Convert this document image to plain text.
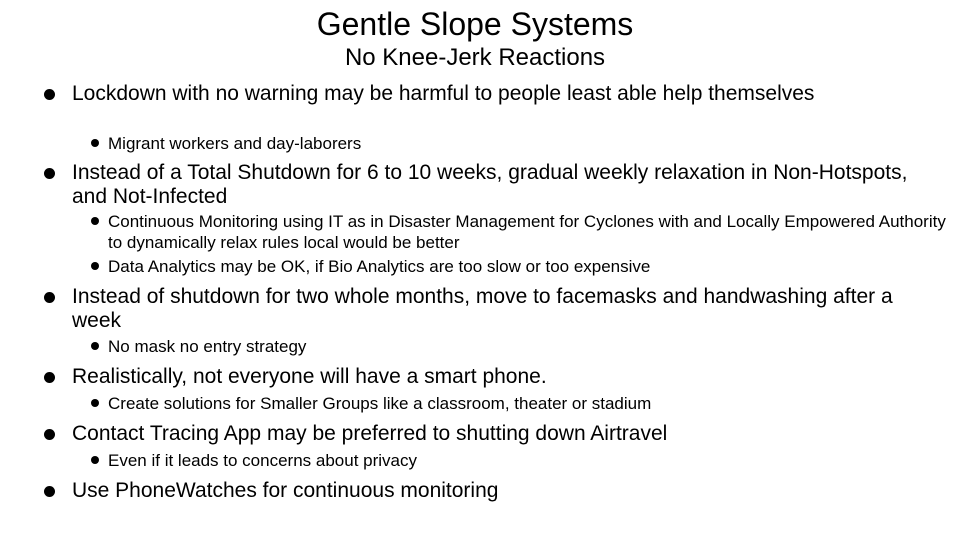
Gentle Slope Systems
No Knee-Jerk Reactions
Lockdown with no warning may be harmful to people least able help themselves
Migrant workers and day-laborers
Instead of a Total Shutdown for 6 to 10 weeks, gradual weekly relaxation in Non-Hotspots, and Not-Infected
Continuous Monitoring using IT as in Disaster Management for Cyclones with and Locally Empowered Authority to dynamically relax rules local would be better
Data Analytics may be OK, if Bio Analytics are too slow or too expensive
Instead of shutdown for two whole months, move to facemasks and handwashing after a week
No mask no entry strategy
Realistically, not everyone will have a smart phone.
Create solutions for Smaller Groups like a classroom, theater or stadium
Contact Tracing App may be preferred to shutting down Airtravel
Even if it leads to concerns about privacy
Use PhoneWatches for continuous monitoring
